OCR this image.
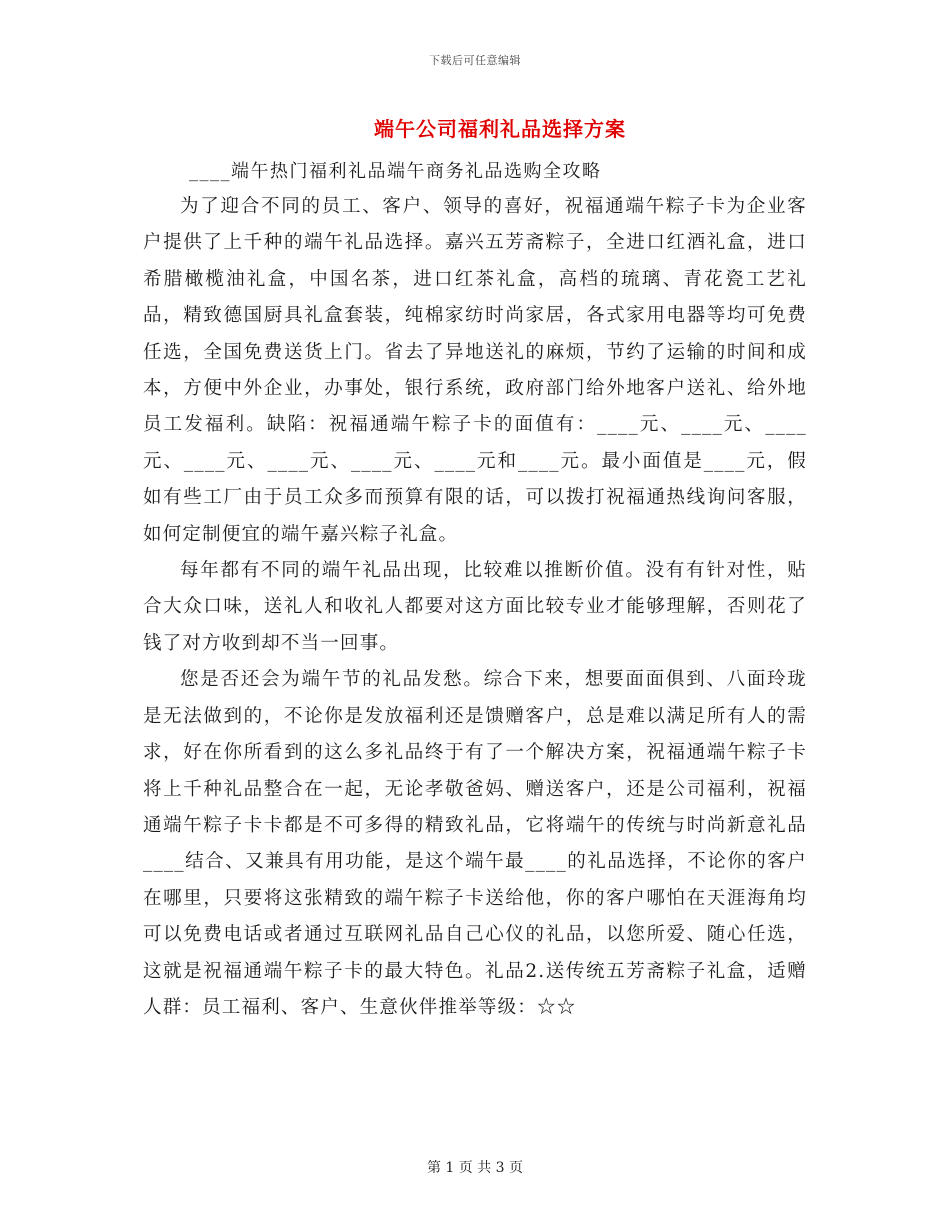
下载后可任意编辑
端午公司福利礼品选择方案
____端午热门福利礼品端午商务礼品选购全攻略

为了迎合不同的员工、客户、领导的喜好，祝福通端午粽子卡为企业客户提供了上千种的端午礼品选择。嘉兴五芳斋粽子，全进口红酒礼盒，进口希腊橄榄油礼盒，中国名茶，进口红茶礼盒，高档的琉璃、青花瓷工艺礼品，精致德国厨具礼盒套装，纯棉家纺时尚家居，各式家用电器等均可免费任选，全国免费送货上门。省去了异地送礼的麻烦，节约了运输的时间和成本，方便中外企业，办事处，银行系统，政府部门给外地客户送礼、给外地员工发福利。缺陷：祝福通端午粽子卡的面值有：____元、____元、____元、____元、____元、____元、____元和____元。最小面值是____元，假如有些工厂由于员工众多而预算有限的话，可以拨打祝福通热线询问客服，如何定制便宜的端午嘉兴粽子礼盒。

每年都有不同的端午礼品出现，比较难以推断价值。没有有针对性，贴合大众口味，送礼人和收礼人都要对这方面比较专业才能够理解，否则花了钱了对方收到却不当一回事。

您是否还会为端午节的礼品发愁。综合下来，想要面面俱到、八面玲珑是无法做到的，不论你是发放福利还是馈赠客户，总是难以满足所有人的需求，好在你所看到的这么多礼品终于有了一个解决方案，祝福通端午粽子卡将上千种礼品整合在一起，无论孝敬爸妈、赠送客户，还是公司福利，祝福通端午粽子卡卡都是不可多得的精致礼品，它将端午的传统与时尚新意礼品____结合、又兼具有用功能，是这个端午最____的礼品选择，不论你的客户在哪里，只要将这张精致的端午粽子卡送给他，你的客户哪怕在天涯海角均可以免费电话或者通过互联网礼品自己心仪的礼品，以您所爱、随心任选，这就是祝福通端午粽子卡的最大特色。礼品2.送传统五芳斋粽子礼盒，适赠人群：员工福利、客户、生意伙伴推举等级：☆☆

第 1 页 共 3 页
